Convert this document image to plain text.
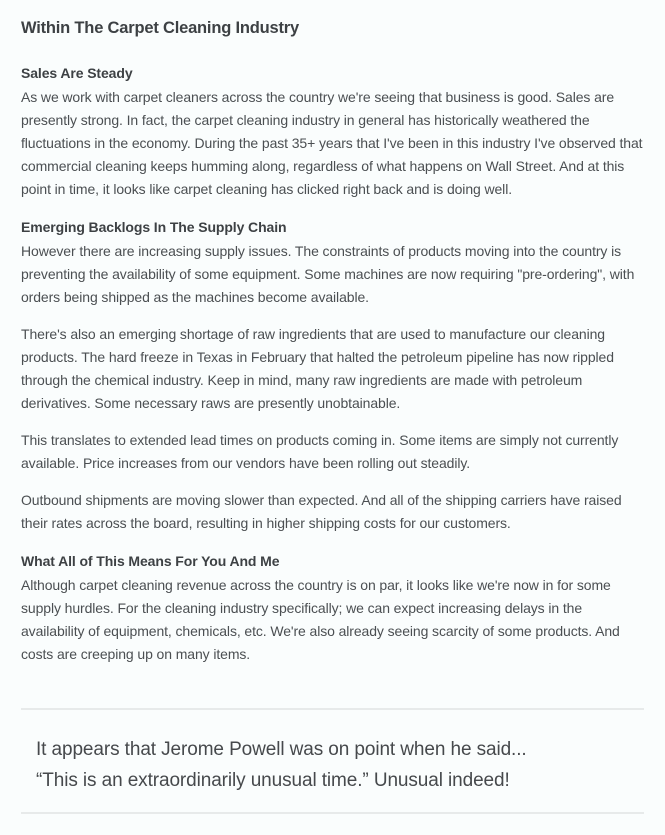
Within The Carpet Cleaning Industry
Sales Are Steady

As we work with carpet cleaners across the country we're seeing that business is good. Sales are presently strong. In fact, the carpet cleaning industry in general has historically weathered the fluctuations in the economy. During the past 35+ years that I've been in this industry I've observed that commercial cleaning keeps humming along, regardless of what happens on Wall Street. And at this point in time, it looks like carpet cleaning has clicked right back and is doing well.

Emerging Backlogs In The Supply Chain

However there are increasing supply issues. The constraints of products moving into the country is preventing the availability of some equipment. Some machines are now requiring "pre-ordering", with orders being shipped as the machines become available.

There's also an emerging shortage of raw ingredients that are used to manufacture our cleaning products. The hard freeze in Texas in February that halted the petroleum pipeline has now rippled through the chemical industry. Keep in mind, many raw ingredients are made with petroleum derivatives. Some necessary raws are presently unobtainable.

This translates to extended lead times on products coming in. Some items are simply not currently available. Price increases from our vendors have been rolling out steadily.

Outbound shipments are moving slower than expected. And all of the shipping carriers have raised their rates across the board, resulting in higher shipping costs for our customers.

What All of This Means For You And Me

Although carpet cleaning revenue across the country is on par, it looks like we're now in for some supply hurdles. For the cleaning industry specifically; we can expect increasing delays in the availability of equipment, chemicals, etc. We're also already seeing scarcity of some products. And costs are creeping up on many items.

It appears that Jerome Powell was on point when he said...
“This is an extraordinarily unusual time.” Unusual indeed!
